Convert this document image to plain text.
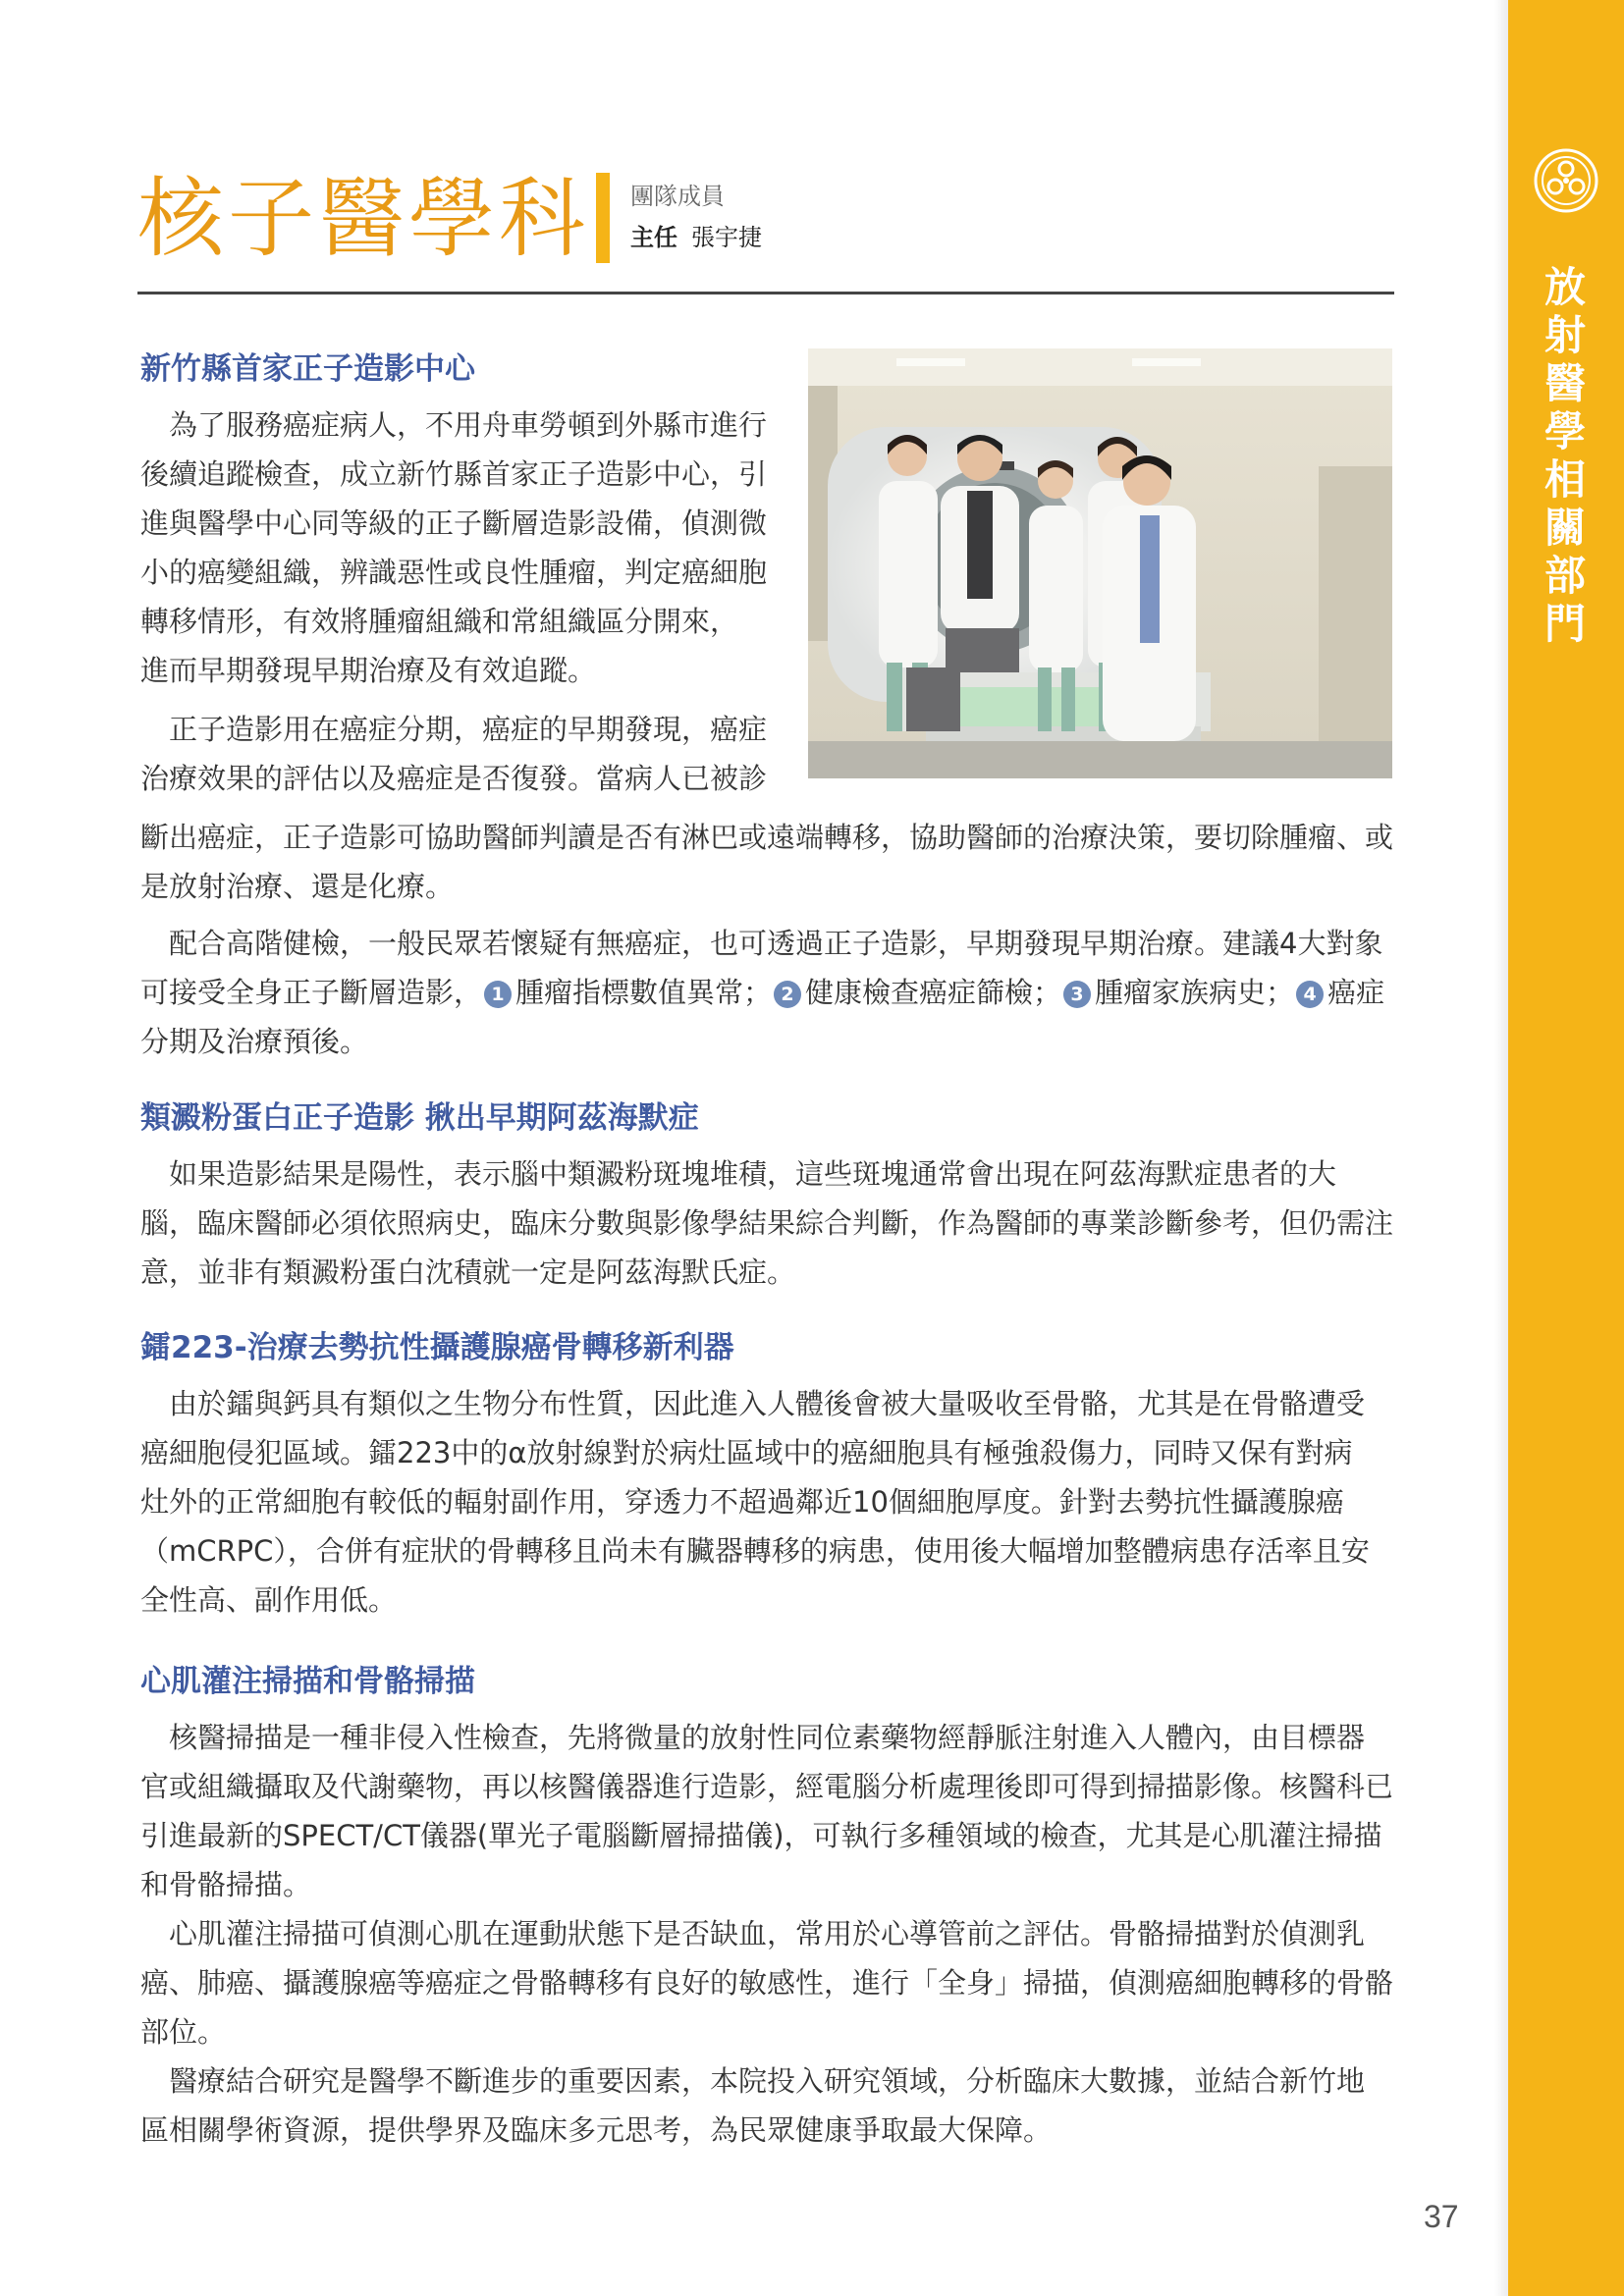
放
射
醫
學
相
關
部
門
核子醫學科 團隊成員
主任 張宇捷
新竹縣首家正子造影中心
　為了服務癌症病人，不用舟車勞頓到外縣市進行
後續追蹤檢查，成立新竹縣首家正子造影中心，引
進與醫學中心同等級的正子斷層造影設備，偵測微
小的癌變組織，辨識惡性或良性腫瘤，判定癌細胞
轉移情形，有效將腫瘤組織和常組織區分開來，
進而早期發現早期治療及有效追蹤。
　正子造影用在癌症分期，癌症的早期發現，癌症
治療效果的評估以及癌症是否復發。當病人已被診
斷出癌症，正子造影可協助醫師判讀是否有淋巴或遠端轉移，協助醫師的治療決策，要切除腫瘤、或
是放射治療、還是化療。
　配合高階健檢，一般民眾若懷疑有無癌症，也可透過正子造影，早期發現早期治療。建議4大對象
可接受全身正子斷層造影， 1 腫瘤指標數值異常； 2 健康檢查癌症篩檢； 3 腫瘤家族病史； 4 癌症
分期及治療預後。
類澱粉蛋白正子造影 揪出早期阿茲海默症
　如果造影結果是陽性，表示腦中類澱粉斑塊堆積，這些斑塊通常會出現在阿茲海默症患者的大
腦，臨床醫師必須依照病史，臨床分數與影像學結果綜合判斷，作為醫師的專業診斷參考，但仍需注
意，並非有類澱粉蛋白沈積就一定是阿茲海默氏症。
鐳223-治療去勢抗性攝護腺癌骨轉移新利器
　由於鐳與鈣具有類似之生物分布性質，因此進入人體後會被大量吸收至骨骼，尤其是在骨骼遭受
癌細胞侵犯區域。鐳223中的α放射線對於病灶區域中的癌細胞具有極強殺傷力，同時又保有對病
灶外的正常細胞有較低的輻射副作用，穿透力不超過鄰近10個細胞厚度。針對去勢抗性攝護腺癌
（mCRPC），合併有症狀的骨轉移且尚未有臟器轉移的病患，使用後大幅增加整體病患存活率且安
全性高、副作用低。
心肌灌注掃描和骨骼掃描
　核醫掃描是一種非侵入性檢查，先將微量的放射性同位素藥物經靜脈注射進入人體內，由目標器
官或組織攝取及代謝藥物，再以核醫儀器進行造影，經電腦分析處理後即可得到掃描影像。核醫科已
引進最新的SPECT/CT儀器(單光子電腦斷層掃描儀)，可執行多種領域的檢查，尤其是心肌灌注掃描
和骨骼掃描。
　心肌灌注掃描可偵測心肌在運動狀態下是否缺血，常用於心導管前之評估。骨骼掃描對於偵測乳
癌、肺癌、攝護腺癌等癌症之骨骼轉移有良好的敏感性，進行「全身」掃描，偵測癌細胞轉移的骨骼
部位。
　醫療結合研究是醫學不斷進步的重要因素，本院投入研究領域，分析臨床大數據，並結合新竹地
區相關學術資源，提供學界及臨床多元思考，為民眾健康爭取最大保障。
37
